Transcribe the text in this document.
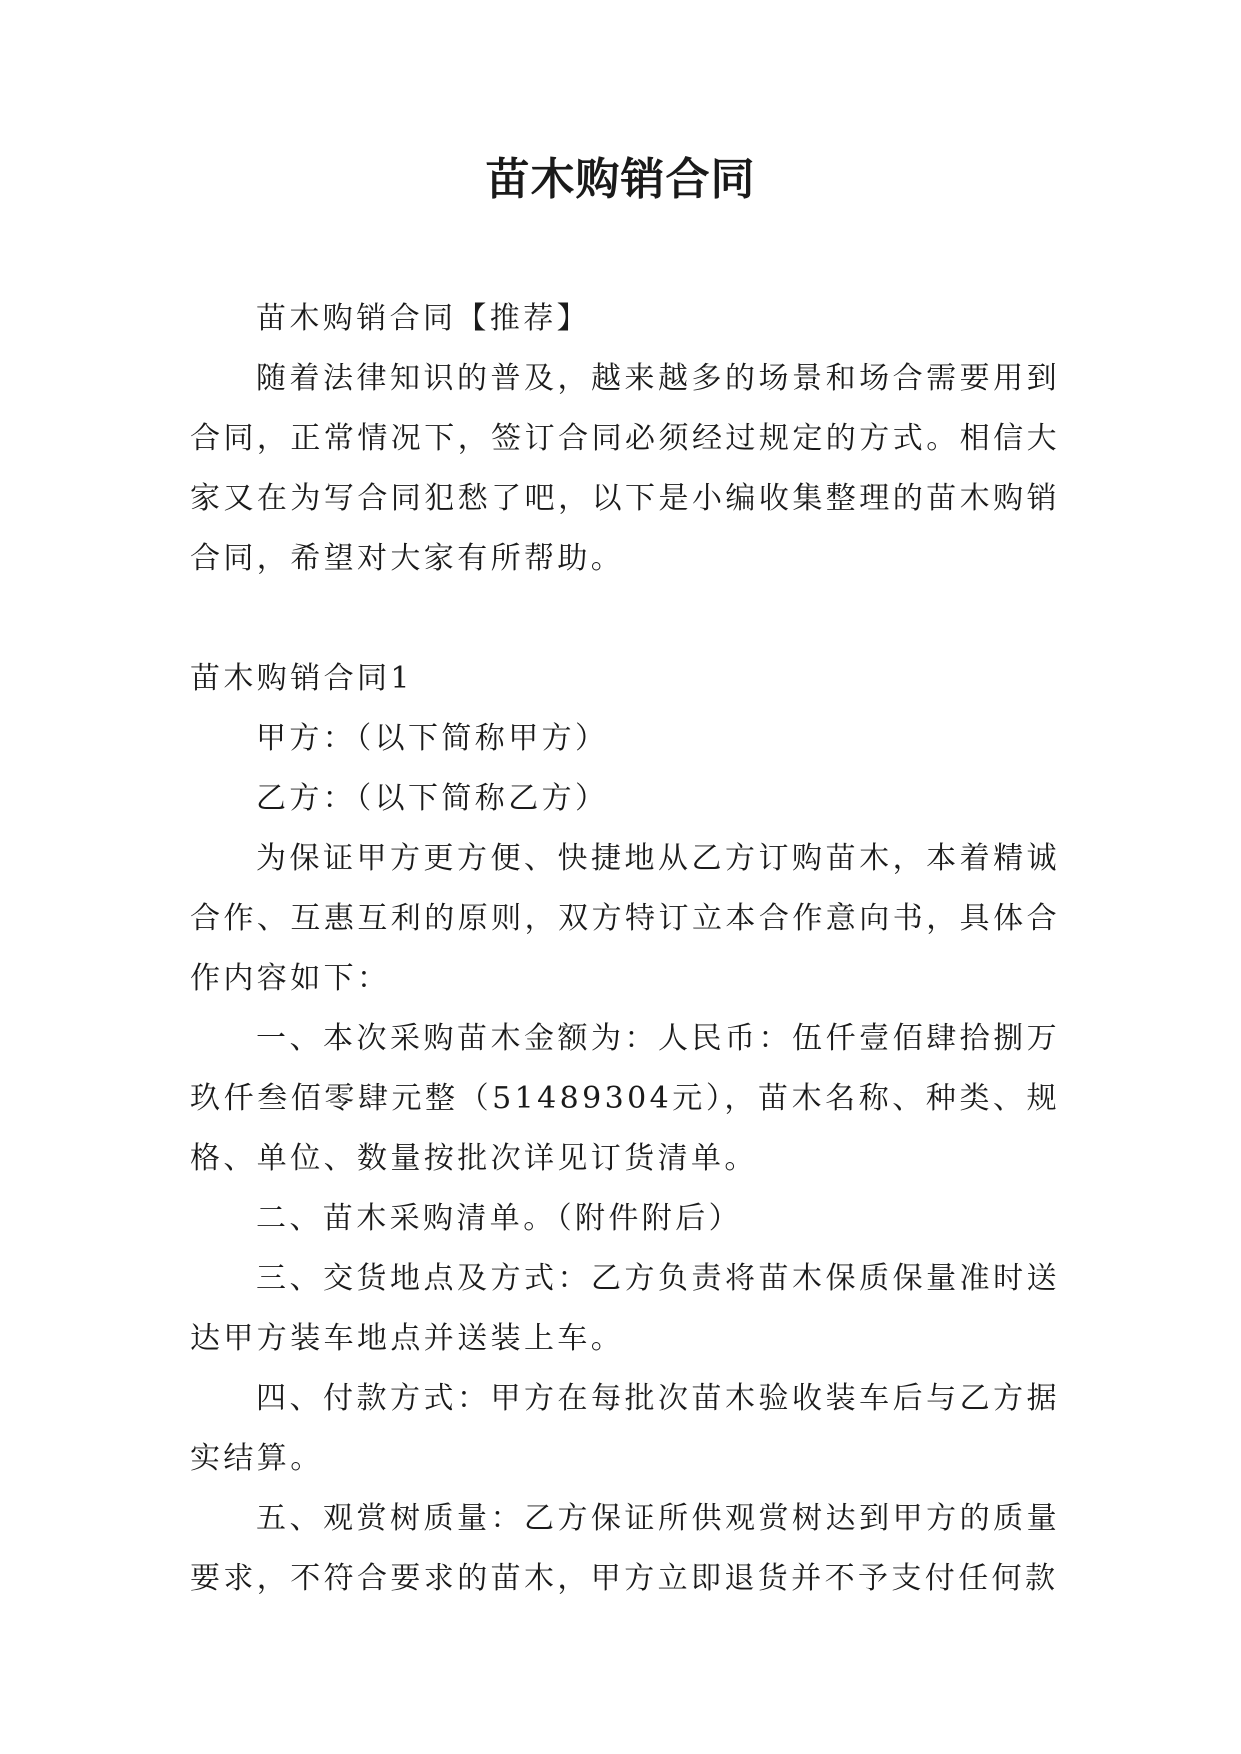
苗木购销合同

苗木购销合同【推荐】

随着法律知识的普及，越来越多的场景和场合需要用到合同，正常情况下，签订合同必须经过规定的方式。相信大家又在为写合同犯愁了吧，以下是小编收集整理的苗木购销合同，希望对大家有所帮助。

苗木购销合同1

甲方：（以下简称甲方）

乙方：（以下简称乙方）

为保证甲方更方便、快捷地从乙方订购苗木，本着精诚合作、互惠互利的原则，双方特订立本合作意向书，具体合作内容如下：

一、本次采购苗木金额为：人民币：伍仟壹佰肆拾捌万玖仟叁佰零肆元整（51489304元），苗木名称、种类、规格、单位、数量按批次详见订货清单。

二、苗木采购清单。（附件附后）

三、交货地点及方式：乙方负责将苗木保质保量准时送达甲方装车地点并送装上车。

四、付款方式：甲方在每批次苗木验收装车后与乙方据实结算。

五、观赏树质量：乙方保证所供观赏树达到甲方的质量要求，不符合要求的苗木，甲方立即退货并不予支付任何款
